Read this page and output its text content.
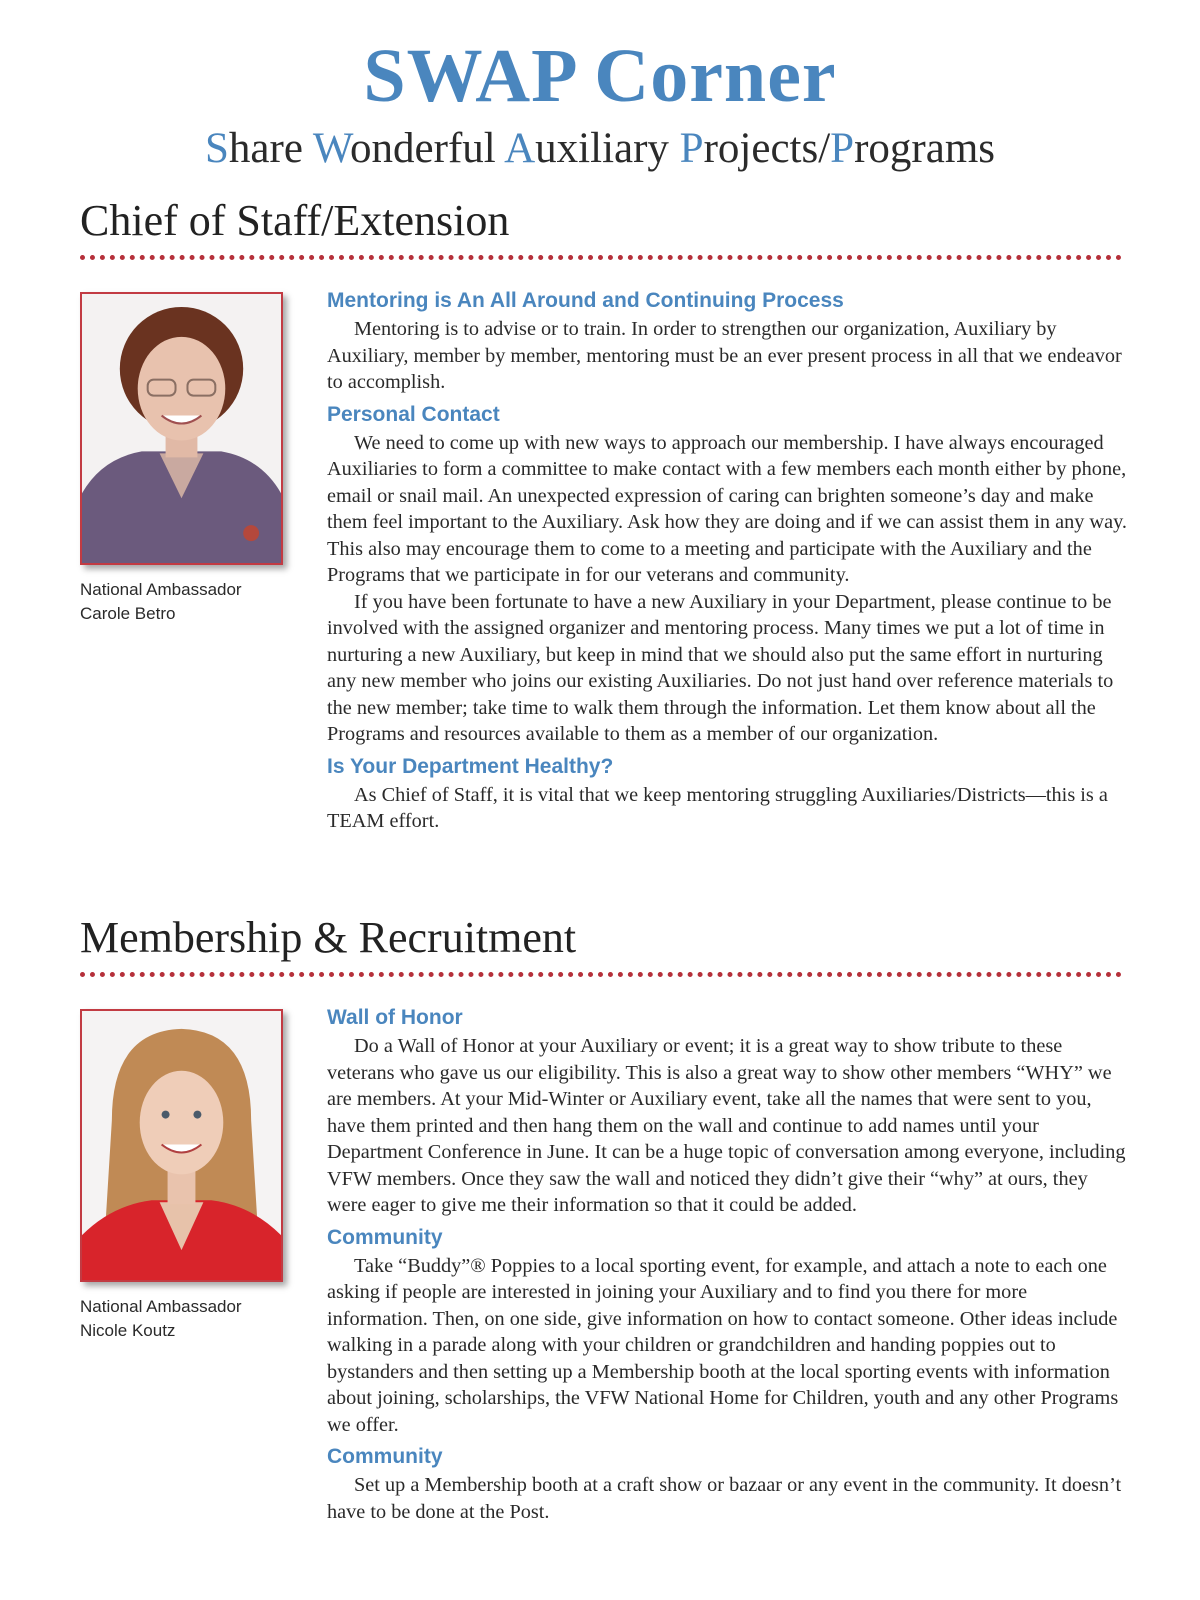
SWAP Corner
Share Wonderful Auxiliary Projects/Programs
Chief of Staff/Extension
National Ambassador
Carole Betro
Mentoring is An All Around and Continuing Process

Mentoring is to advise or to train. In order to strengthen our organization, Auxiliary by Auxiliary, member by member, mentoring must be an ever present process in all that we endeavor to accomplish.

Personal Contact

We need to come up with new ways to approach our membership. I have always encouraged Auxiliaries to form a committee to make contact with a few members each month either by phone, email or snail mail. An unexpected expression of caring can brighten someone’s day and make them feel important to the Auxiliary. Ask how they are doing and if we can assist them in any way. This also may encourage them to come to a meeting and participate with the Auxiliary and the Programs that we participate in for our veterans and community.

If you have been fortunate to have a new Auxiliary in your Department, please continue to be involved with the assigned organizer and mentoring process. Many times we put a lot of time in nurturing a new Auxiliary, but keep in mind that we should also put the same effort in nurturing any new member who joins our existing Auxiliaries. Do not just hand over reference materials to the new member; take time to walk them through the information. Let them know about all the Programs and resources available to them as a member of our organization.

Is Your Department Healthy?

As Chief of Staff, it is vital that we keep mentoring struggling Auxiliaries/Districts—this is a TEAM effort.

Membership & Recruitment
National Ambassador
Nicole Koutz
Wall of Honor

Do a Wall of Honor at your Auxiliary or event; it is a great way to show tribute to these veterans who gave us our eligibility. This is also a great way to show other members “WHY” we are members. At your Mid-Winter or Auxiliary event, take all the names that were sent to you, have them printed and then hang them on the wall and continue to add names until your Department Conference in June. It can be a huge topic of conversation among everyone, including VFW members. Once they saw the wall and noticed they didn’t give their “why” at ours, they were eager to give me their information so that it could be added.

Community

Take “Buddy”® Poppies to a local sporting event, for example, and attach a note to each one asking if people are interested in joining your Auxiliary and to find you there for more information. Then, on one side, give information on how to contact someone. Other ideas include walking in a parade along with your children or grandchildren and handing poppies out to bystanders and then setting up a Membership booth at the local sporting events with information about joining, scholarships, the VFW National Home for Children, youth and any other Programs we offer.

Community

Set up a Membership booth at a craft show or bazaar or any event in the community. It doesn’t have to be done at the Post.
